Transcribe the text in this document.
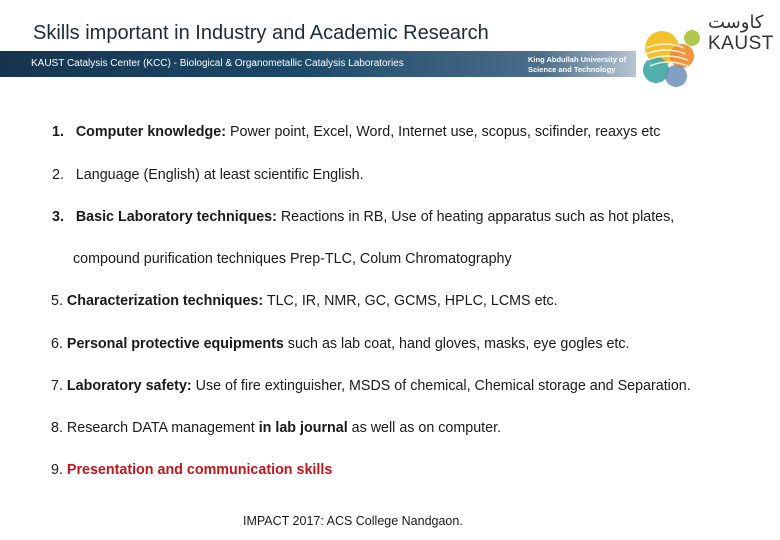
Skills important in Industry and Academic Research
KAUST Catalysis Center (KCC) - Biological & Organometallic Catalysis Laboratories	King Abdullah University of
Science and Technology
كاوست
KAUST
1. Computer knowledge: Power point, Excel, Word, Internet use, scopus, scifinder, reaxys etc
2. Language (English) at least scientific English.
3. Basic Laboratory techniques: Reactions in RB, Use of heating apparatus such as hot plates,
compound purification techniques Prep-TLC, Colum Chromatography
5. Characterization techniques: TLC, IR, NMR, GC, GCMS, HPLC, LCMS etc.
6. Personal protective equipments such as lab coat, hand gloves, masks, eye gogles etc.
7. Laboratory safety: Use of fire extinguisher, MSDS of chemical, Chemical storage and Separation.
8. Research DATA management in lab journal as well as on computer.
9. Presentation and communication skills
IMPACT 2017: ACS College Nandgaon.
